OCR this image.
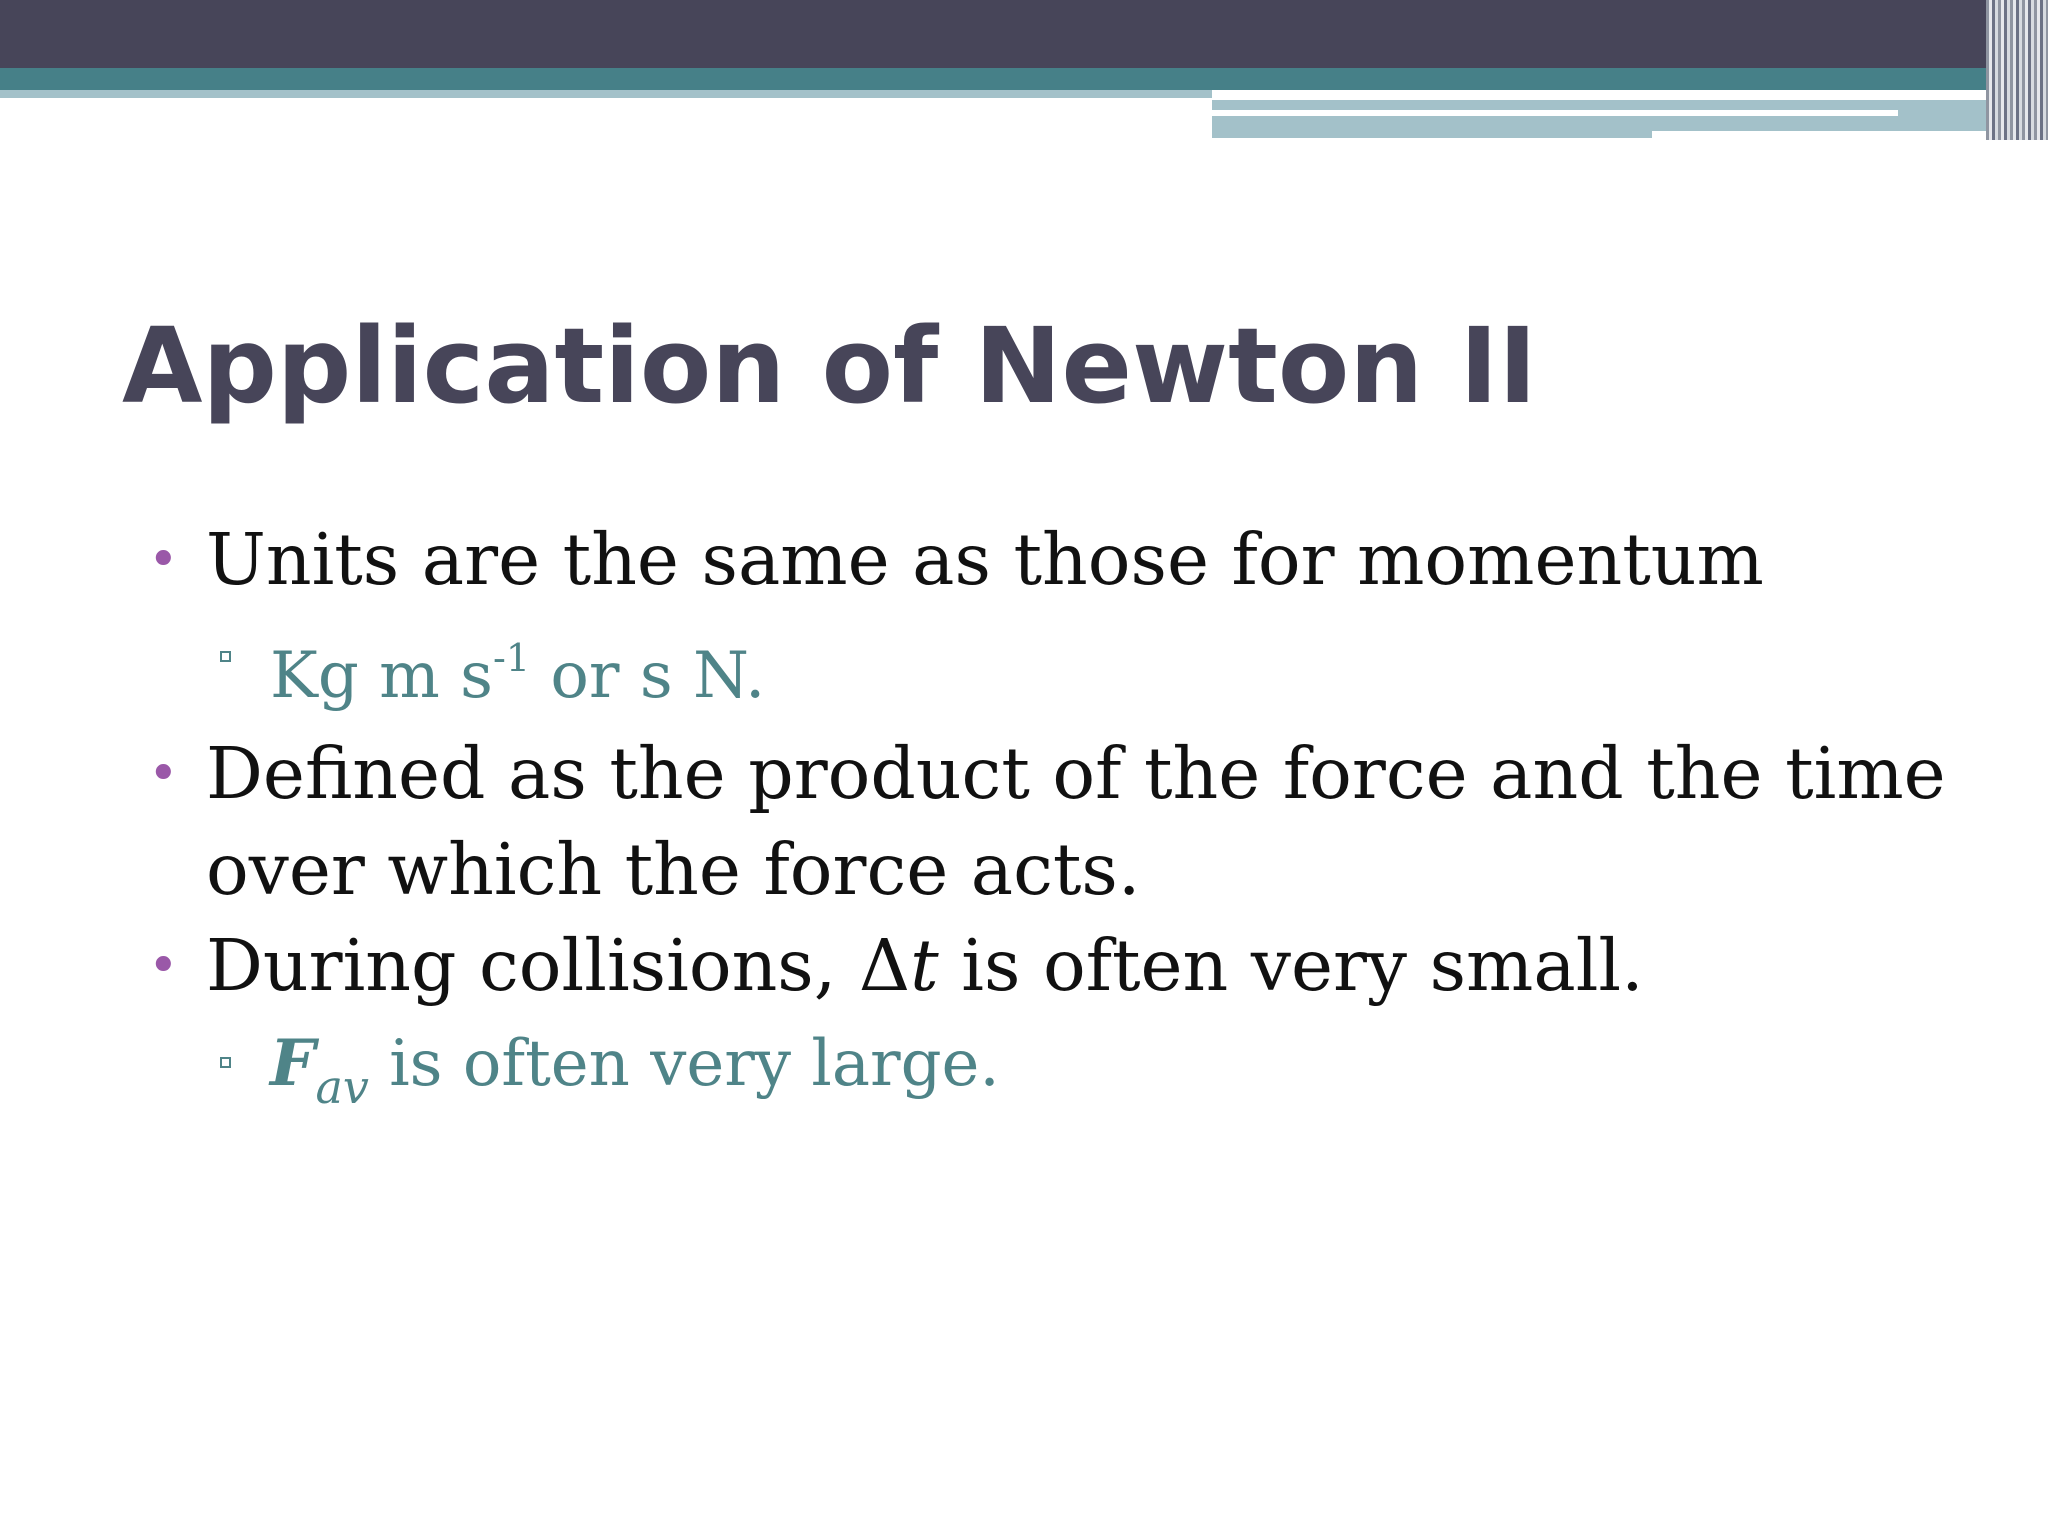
Application of Newton II
• Units are the same as those for momentum
Kg m $s^{-1}$ or s N.
• Defined as the product of the force and the time
over which the force acts.
• During collisions, Δt is often very small.
$F_{av}$ is often very large.
